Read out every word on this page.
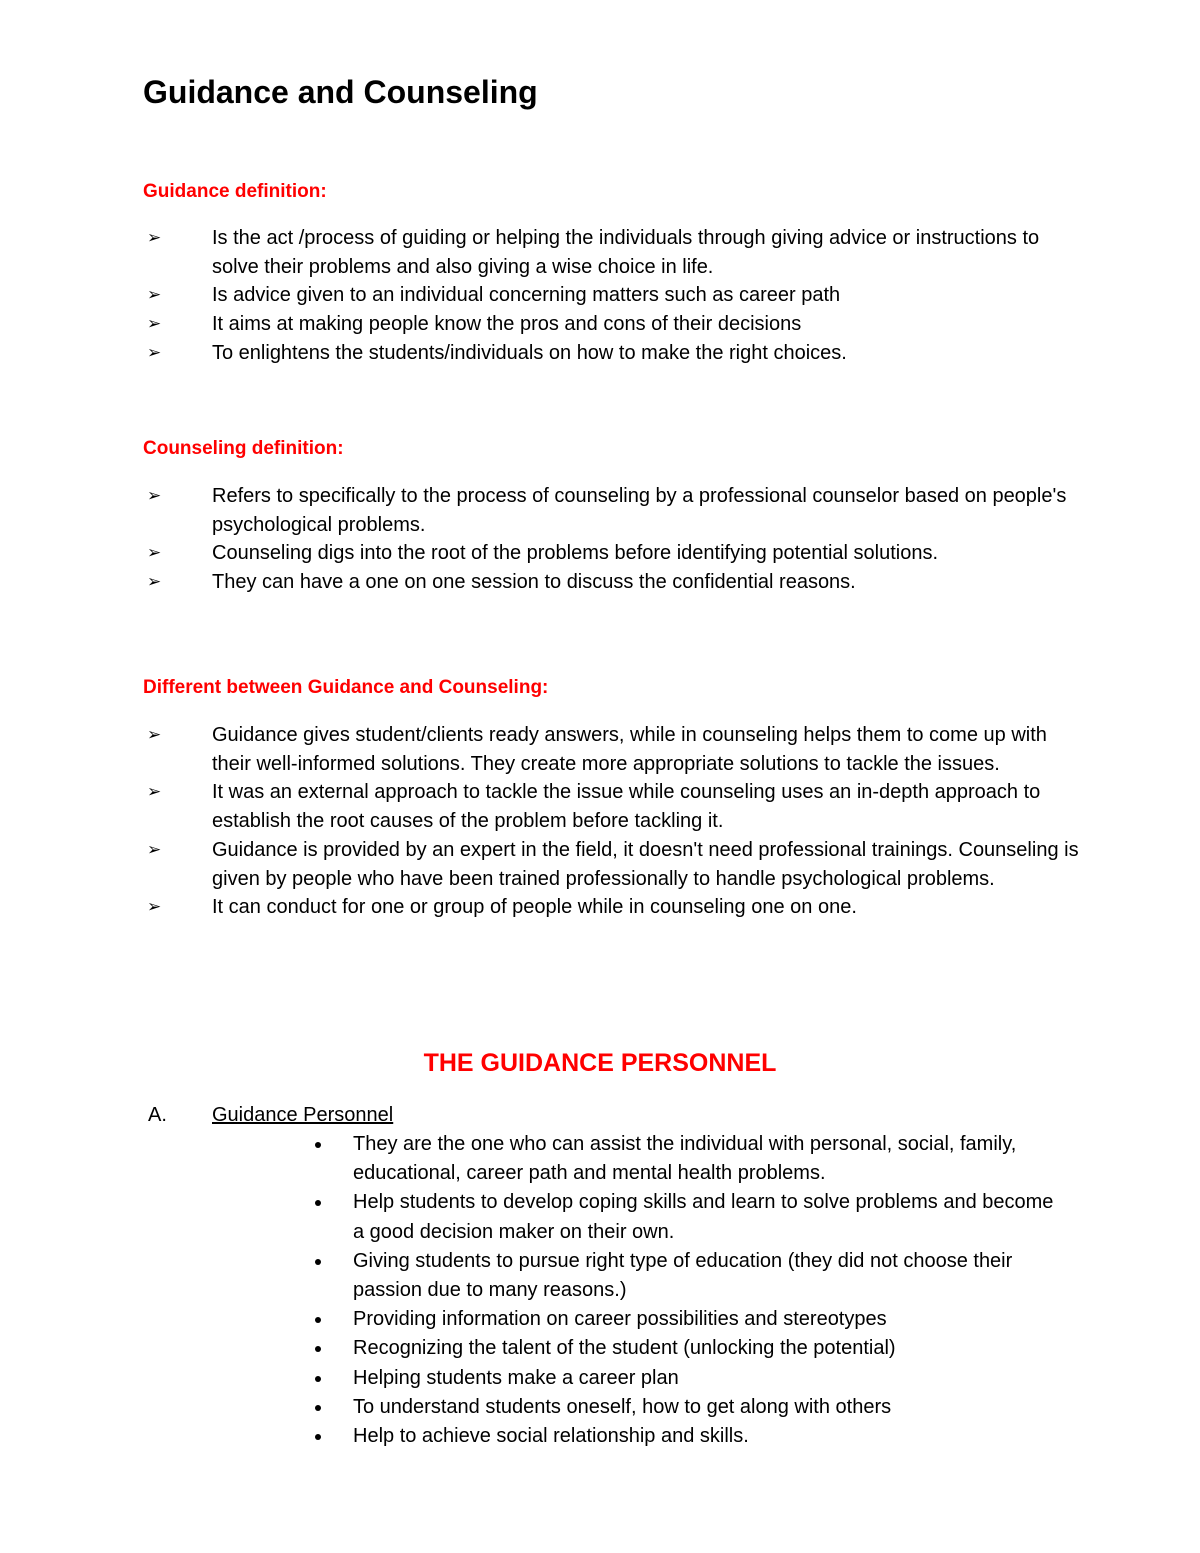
Guidance and Counseling
Guidance definition:
➢	Is the act /process of guiding or helping the individuals through giving advice or instructions to solve their problems and also giving a wise choice in life.
➢	Is advice given to an individual concerning matters such as career path
➢	It aims at making people know the pros and cons of their decisions
➢	To enlightens the students/individuals on how to make the right choices.
Counseling definition:
➢	Refers to specifically to the process of counseling by a professional counselor based on people's psychological problems.
➢	Counseling digs into the root of the problems before identifying potential solutions.
➢	They can have a one on one session to discuss the confidential reasons.
Different between Guidance and Counseling:
➢	Guidance gives student/clients ready answers, while in counseling helps them to come up with their well-informed solutions. They create more appropriate solutions to tackle the issues.
➢	It was an external approach to tackle the issue while counseling uses an in-depth approach to establish the root causes of the problem before tackling it.
➢	Guidance is provided by an expert in the field, it doesn't need professional trainings. Counseling is given by people who have been trained professionally to handle psychological problems.
➢	It can conduct for one or group of people while in counseling one on one.
THE GUIDANCE PERSONNEL
A. Guidance Personnel
They are the one who can assist the individual with personal, social, family, educational, career path and mental health problems.
Help students to develop coping skills and learn to solve problems and become a good decision maker on their own.
Giving students to pursue right type of education (they did not choose their passion due to many reasons.)
Providing information on career possibilities and stereotypes
Recognizing the talent of the student (unlocking the potential)
Helping students make a career plan
To understand students oneself, how to get along with others
Help to achieve social relationship and skills.
